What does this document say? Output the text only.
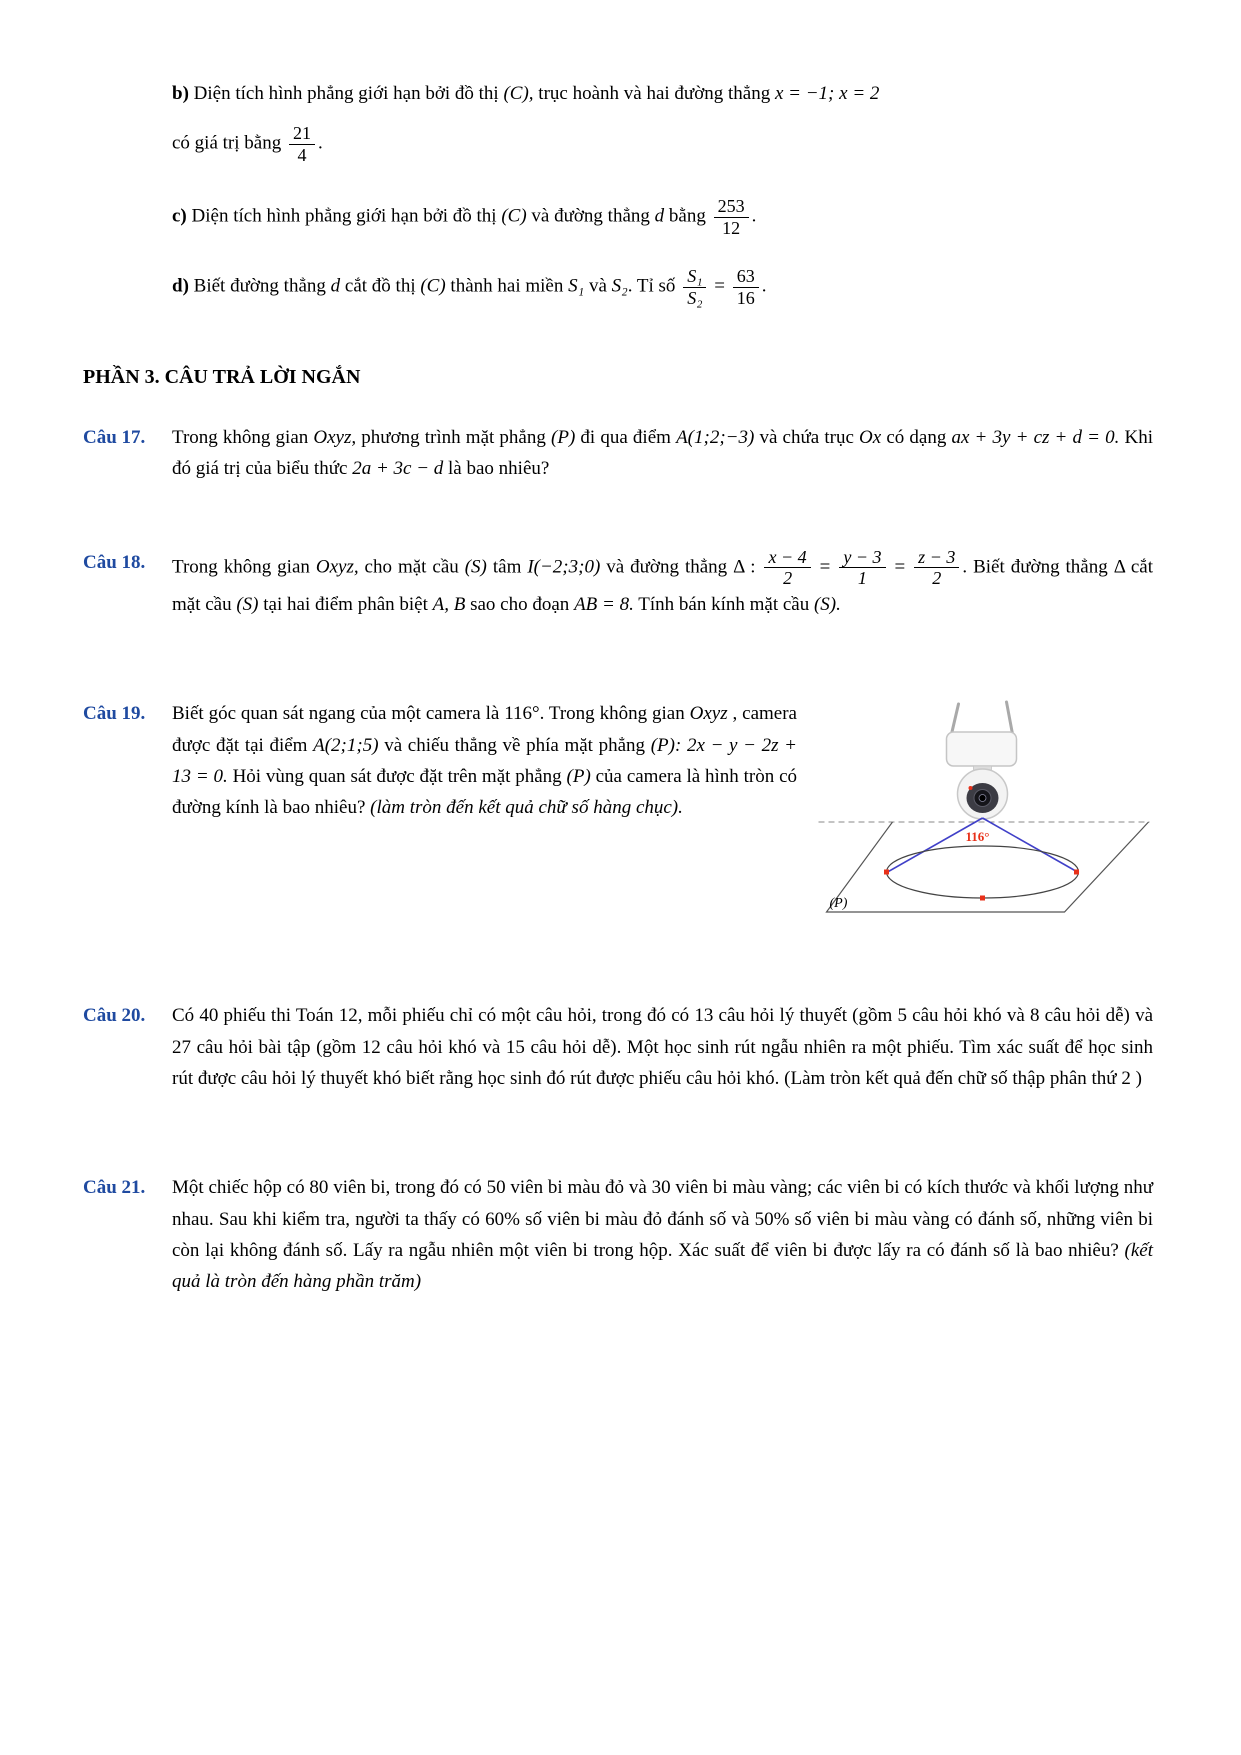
b) Diện tích hình phẳng giới hạn bởi đồ thị (C), trục hoành và hai đường thẳng x = −1; x = 2

có giá trị bằng $\frac{21}{4}$ .

c) Diện tích hình phẳng giới hạn bởi đồ thị (C) và đường thẳng d bằng $\frac{253}{12}$ .

d) Biết đường thẳng d cắt đồ thị (C) thành hai miền S₁ và S₂. Tỉ số $\frac{\text{S₁}}{\text{S₂}} = \frac{63}{16}$ .

PHẦN 3. CÂU TRẢ LỜI NGẮN
Câu 17.	Trong không gian Oxyz, phương trình mặt phẳng (P) đi qua điểm A(1;2;−3) và chứa trục Ox có dạng ax + 3y + cz + d = 0. Khi đó giá trị của biểu thức 2a + 3c − d là bao nhiêu?
Câu 18.	Trong không gian Oxyz, cho mặt cầu (S) tâm I(−2;3;0) và đường thẳng Δ : $\frac{x - 4}{2} = \frac{y - 3}{1} = \frac{z - 3}{2}$ . Biết đường thẳng Δ cắt mặt cầu (S) tại hai điểm phân biệt A, B sao cho đoạn AB = 8. Tính bán kính mặt cầu (S).
Câu 19.
116°
(P)
Biết góc quan sát ngang của một camera là 116°. Trong không gian Oxyz , camera được đặt tại điểm A(2;1;5) và chiếu thẳng về phía mặt phẳng (P): 2x − y − 2z + 13 = 0. Hỏi vùng quan sát được đặt trên mặt phẳng (P) của camera là hình tròn có đường kính là bao nhiêu? (làm tròn đến kết quả chữ số hàng chục).
Câu 20.	Có 40 phiếu thi Toán 12, mỗi phiếu chỉ có một câu hỏi, trong đó có 13 câu hỏi lý thuyết (gồm 5 câu hỏi khó và 8 câu hỏi dễ) và 27 câu hỏi bài tập (gồm 12 câu hỏi khó và 15 câu hỏi dễ). Một học sinh rút ngẫu nhiên ra một phiếu. Tìm xác suất để học sinh rút được câu hỏi lý thuyết khó biết rằng học sinh đó rút được phiếu câu hỏi khó. (Làm tròn kết quả đến chữ số thập phân thứ 2 )
Câu 21.	Một chiếc hộp có 80 viên bi, trong đó có 50 viên bi màu đỏ và 30 viên bi màu vàng; các viên bi có kích thước và khối lượng như nhau. Sau khi kiểm tra, người ta thấy có 60% số viên bi màu đỏ đánh số và 50% số viên bi màu vàng có đánh số, những viên bi còn lại không đánh số. Lấy ra ngẫu nhiên một viên bi trong hộp. Xác suất để viên bi được lấy ra có đánh số là bao nhiêu? (kết quả là tròn đến hàng phần trăm)
